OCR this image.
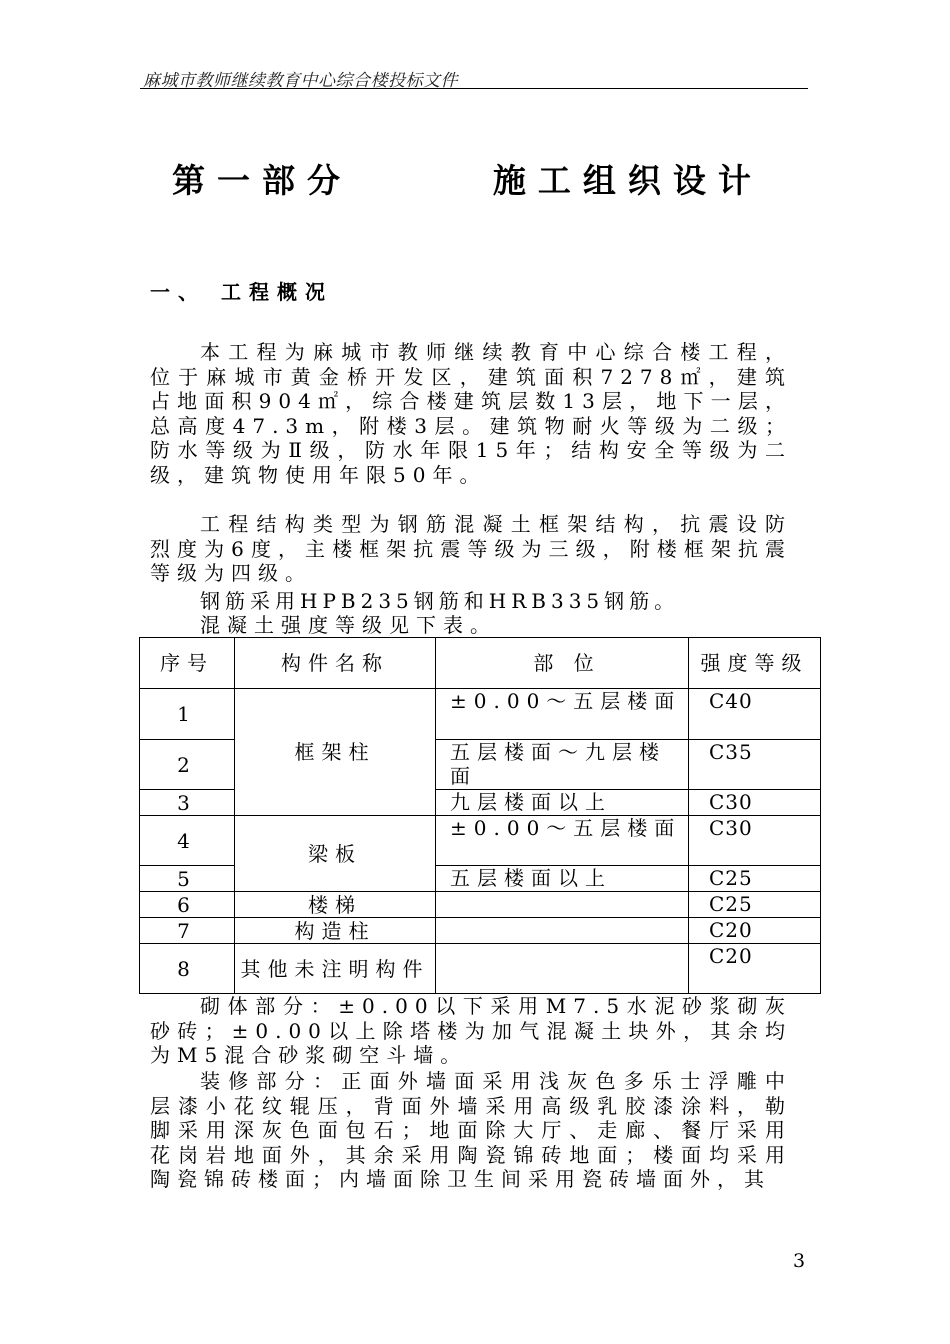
麻城市教师继续教育中心综合楼投标文件
第一部分      施工组织设计
一、 工程概况
本工程为麻城市教师继续教育中心综合楼工程，位于麻城市黄金桥开发区，建筑面积7278㎡，建筑占地面积904㎡，综合楼建筑层数13层，地下一层，总高度47.3m，附楼3层。建筑物耐火等级为二级；防水等级为Ⅱ级，防水年限15年；结构安全等级为二级，建筑物使用年限50年。
工程结构类型为钢筋混凝土框架结构，抗震设防烈度为6度，主楼框架抗震等级为三级，附楼框架抗震等级为四级。
钢筋采用HPB235钢筋和HRB335钢筋。
混凝土强度等级见下表。
序号	构件名称	部 位	强度等级
1	框架柱	±0.00～五层楼面	C40
2		五层楼面～九层楼面	C35
3		九层楼面以上	C30
4	梁板	±0.00～五层楼面	C30
5		五层楼面以上	C25
6	楼梯		C25
7	构造柱		C20
8	其他未注明构件		C20
砌体部分：±0.00以下采用M7.5水泥砂浆砌灰砂砖；±0.00以上除塔楼为加气混凝土块外，其余均为M5混合砂浆砌空斗墙。
装修部分：正面外墙面采用浅灰色多乐士浮雕中层漆小花纹辊压，背面外墙采用高级乳胶漆涂料，勒脚采用深灰色面包石；地面除大厅、走廊、餐厅采用花岗岩地面外，其余采用陶瓷锦砖地面；楼面均采用陶瓷锦砖楼面；内墙面除卫生间采用瓷砖墙面外，其
3
